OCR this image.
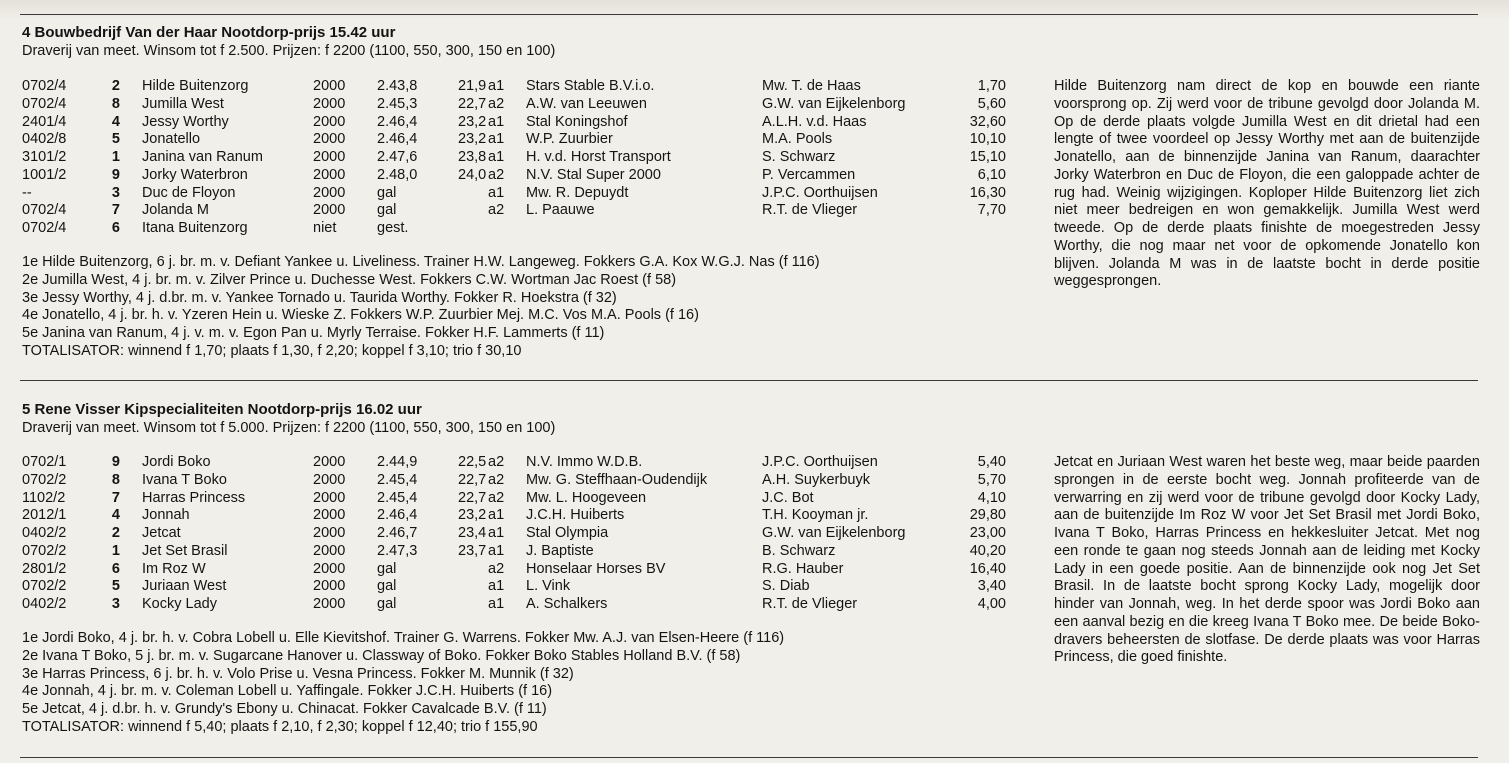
4 Bouwbedrijf Van der Haar Nootdorp-prijs 15.42 uur
Draverij van meet. Winsom tot f 2.500. Prijzen: f 2200 (1100, 550, 300, 150 en 100)
0702/4	2 Hilde Buitenzorg	2000 2.43,8	21,9 a1 Stars Stable B.V.i.o.	Mw. T. de Haas	1,70
0702/4	8 Jumilla West	2000 2.45,3	22,7 a2 A.W. van Leeuwen	G.W. van Eijkelenborg	5,60
2401/4	4 Jessy Worthy	2000 2.46,4	23,2 a1 Stal Koningshof	A.L.H. v.d. Haas	32,60
0402/8	5 Jonatello	2000 2.46,4	23,2 a1 W.P. Zuurbier	M.A. Pools	10,10
3101/2	1 Janina van Ranum	2000 2.47,6	23,8 a1 H. v.d. Horst Transport	S. Schwarz	15,10
1001/2	9 Jorky Waterbron	2000 2.48,0	24,0 a2 N.V. Stal Super 2000	P. Vercammen	6,10
--	3 Duc de Floyon	2000 gal	a1 Mw. R. Depuydt	J.P.C. Oorthuijsen	16,30
0702/4	7 Jolanda M	2000 gal	a2 L. Paauwe	R.T. de Vlieger	7,70
0702/4	6 Itana Buitenzorg	niet	gest.
1e Hilde Buitenzorg, 6 j. br. m. v. Defiant Yankee u. Liveliness. Trainer H.W. Langeweg. Fokkers G.A. Kox W.G.J. Nas (f 116)
2e Jumilla West, 4 j. br. m. v. Zilver Prince u. Duchesse West. Fokkers C.W. Wortman Jac Roest (f 58)
3e Jessy Worthy, 4 j. d.br. m. v. Yankee Tornado u. Taurida Worthy. Fokker R. Hoekstra (f 32)
4e Jonatello, 4 j. br. h. v. Yzeren Hein u. Wieske Z. Fokkers W.P. Zuurbier Mej. M.C. Vos M.A. Pools (f 16)
5e Janina van Ranum, 4 j. v. m. v. Egon Pan u. Myrly Terraise. Fokker H.F. Lammerts (f 11)
TOTALISATOR: winnend f 1,70; plaats f 1,30, f 2,20; koppel f 3,10; trio f 30,10
Hilde Buitenzorg nam direct de kop en bouwde een riante voorsprong op. Zij werd voor de tribune gevolgd door Jolanda M. Op de derde plaats volgde Jumilla West en dit drietal had een lengte of twee voordeel op Jessy Worthy met aan de buitenzijde Jonatello, aan de binnenzijde Janina van Ranum, daarachter Jorky Waterbron en Duc de Floyon, die een galoppade achter de rug had. Weinig wijzigingen. Koploper Hilde Buitenzorg liet zich niet meer bedreigen en won gemakkelijk. Jumilla West werd tweede. Op de derde plaats finishte de moegestreden Jessy Worthy, die nog maar net voor de opkomende Jonatello kon blijven. Jolanda M was in de laatste bocht in derde positie weggesprongen.
5 Rene Visser Kipspecialiteiten Nootdorp-prijs 16.02 uur
Draverij van meet. Winsom tot f 5.000. Prijzen: f 2200 (1100, 550, 300, 150 en 100)
0702/1	9 Jordi Boko	2000 2.44,9	22,5 a2 N.V. Immo W.D.B.	J.P.C. Oorthuijsen	5,40
0702/2	8 Ivana T Boko	2000 2.45,4	22,7 a2 Mw. G. Steffhaan-Oudendijk	A.H. Suykerbuyk	5,70
1102/2	7 Harras Princess	2000 2.45,4	22,7 a2 Mw. L. Hoogeveen	J.C. Bot	4,10
2012/1	4 Jonnah	2000 2.46,4	23,2 a1 J.C.H. Huiberts	T.H. Kooyman jr.	29,80
0402/2	2 Jetcat	2000 2.46,7	23,4 a1 Stal Olympia	G.W. van Eijkelenborg	23,00
0702/2	1 Jet Set Brasil	2000 2.47,3	23,7 a1 J. Baptiste	B. Schwarz	40,20
2801/2	6 Im Roz W	2000 gal	a2 Honselaar Horses BV	R.G. Hauber	16,40
0702/2	5 Juriaan West	2000 gal	a1 L. Vink	S. Diab	3,40
0402/2	3 Kocky Lady	2000 gal	a1 A. Schalkers	R.T. de Vlieger	4,00
1e Jordi Boko, 4 j. br. h. v. Cobra Lobell u. Elle Kievitshof. Trainer G. Warrens. Fokker Mw. A.J. van Elsen-Heere (f 116)
2e Ivana T Boko, 5 j. br. m. v. Sugarcane Hanover u. Classway of Boko. Fokker Boko Stables Holland B.V. (f 58)
3e Harras Princess, 6 j. br. h. v. Volo Prise u. Vesna Princess. Fokker M. Munnik (f 32)
4e Jonnah, 4 j. br. m. v. Coleman Lobell u. Yaffingale. Fokker J.C.H. Huiberts (f 16)
5e Jetcat, 4 j. d.br. h. v. Grundy's Ebony u. Chinacat. Fokker Cavalcade B.V. (f 11)
TOTALISATOR: winnend f 5,40; plaats f 2,10, f 2,30; koppel f 12,40; trio f 155,90
Jetcat en Juriaan West waren het beste weg, maar beide paarden sprongen in de eerste bocht weg. Jonnah profiteerde van de verwarring en zij werd voor de tribune gevolgd door Kocky Lady, aan de buitenzijde Im Roz W voor Jet Set Brasil met Jordi Boko, Ivana T Boko, Harras Princess en hekkesluiter Jetcat. Met nog een ronde te gaan nog steeds Jonnah aan de leiding met Kocky Lady in een goede positie. Aan de binnenzijde ook nog Jet Set Brasil. In de laatste bocht sprong Kocky Lady, mogelijk door hinder van Jonnah, weg. In het derde spoor was Jordi Boko aan een aanval bezig en die kreeg Ivana T Boko mee. De beide Boko-dravers beheersten de slotfase. De derde plaats was voor Harras Princess, die goed finishte.
